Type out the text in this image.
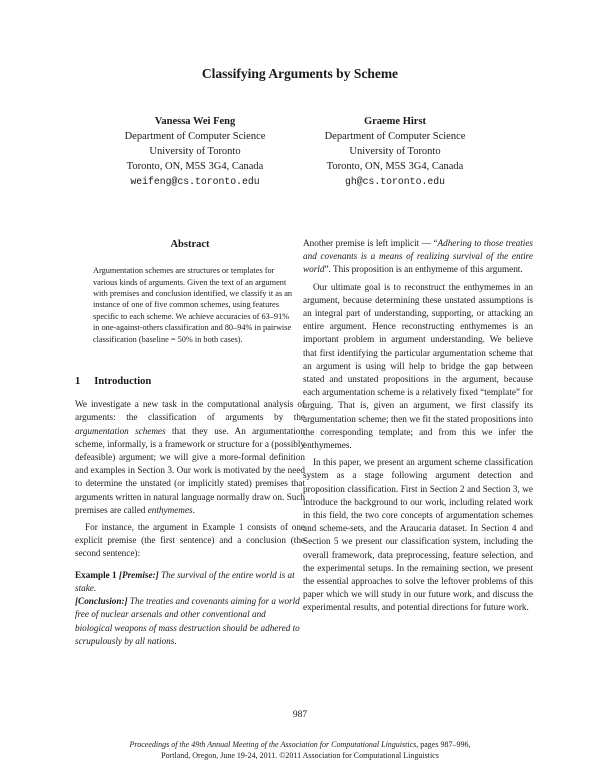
Classifying Arguments by Scheme
Vanessa Wei Feng
Department of Computer Science
University of Toronto
Toronto, ON, M5S 3G4, Canada
weifeng@cs.toronto.edu
Graeme Hirst
Department of Computer Science
University of Toronto
Toronto, ON, M5S 3G4, Canada
gh@cs.toronto.edu
Abstract
Argumentation schemes are structures or templates for various kinds of arguments. Given the text of an argument with premises and conclusion identified, we classify it as an instance of one of five common schemes, using features specific to each scheme. We achieve accuracies of 63–91% in one-against-others classification and 80–94% in pairwise classification (baseline = 50% in both cases).
1 Introduction

We investigate a new task in the computational analysis of arguments: the classification of arguments by the argumentation schemes that they use. An argumentation scheme, informally, is a framework or structure for a (possibly defeasible) argument; we will give a more-formal definition and examples in Section 3. Our work is motivated by the need to determine the unstated (or implicitly stated) premises that arguments written in natural language normally draw on. Such premises are called enthymemes.

For instance, the argument in Example 1 consists of one explicit premise (the first sentence) and a conclusion (the second sentence):

Example 1 [Premise:] The survival of the entire world is at stake.
[Conclusion:] The treaties and covenants aiming for a world free of nuclear arsenals and other conventional and biological weapons of mass destruction should be adhered to scrupulously by all nations.

Another premise is left implicit — “Adhering to those treaties and covenants is a means of realizing survival of the entire world”. This proposition is an enthymeme of this argument.

Our ultimate goal is to reconstruct the enthymemes in an argument, because determining these unstated assumptions is an integral part of understanding, supporting, or attacking an entire argument. Hence reconstructing enthymemes is an important problem in argument understanding. We believe that first identifying the particular argumentation scheme that an argument is using will help to bridge the gap between stated and unstated propositions in the argument, because each argumentation scheme is a relatively fixed “template” for arguing. That is, given an argument, we first classify its argumentation scheme; then we fit the stated propositions into the corresponding template; and from this we infer the enthymemes.

In this paper, we present an argument scheme classification system as a stage following argument detection and proposition classification. First in Section 2 and Section 3, we introduce the background to our work, including related work in this field, the two core concepts of argumentation schemes and scheme-sets, and the Araucaria dataset. In Section 4 and Section 5 we present our classification system, including the overall framework, data preprocessing, feature selection, and the experimental setups. In the remaining section, we present the essential approaches to solve the leftover problems of this paper which we will study in our future work, and discuss the experimental results, and potential directions for future work.

987
Proceedings of the 49th Annual Meeting of the Association for Computational Linguistics, pages 987–996,
Portland, Oregon, June 19-24, 2011. ©2011 Association for Computational Linguistics
